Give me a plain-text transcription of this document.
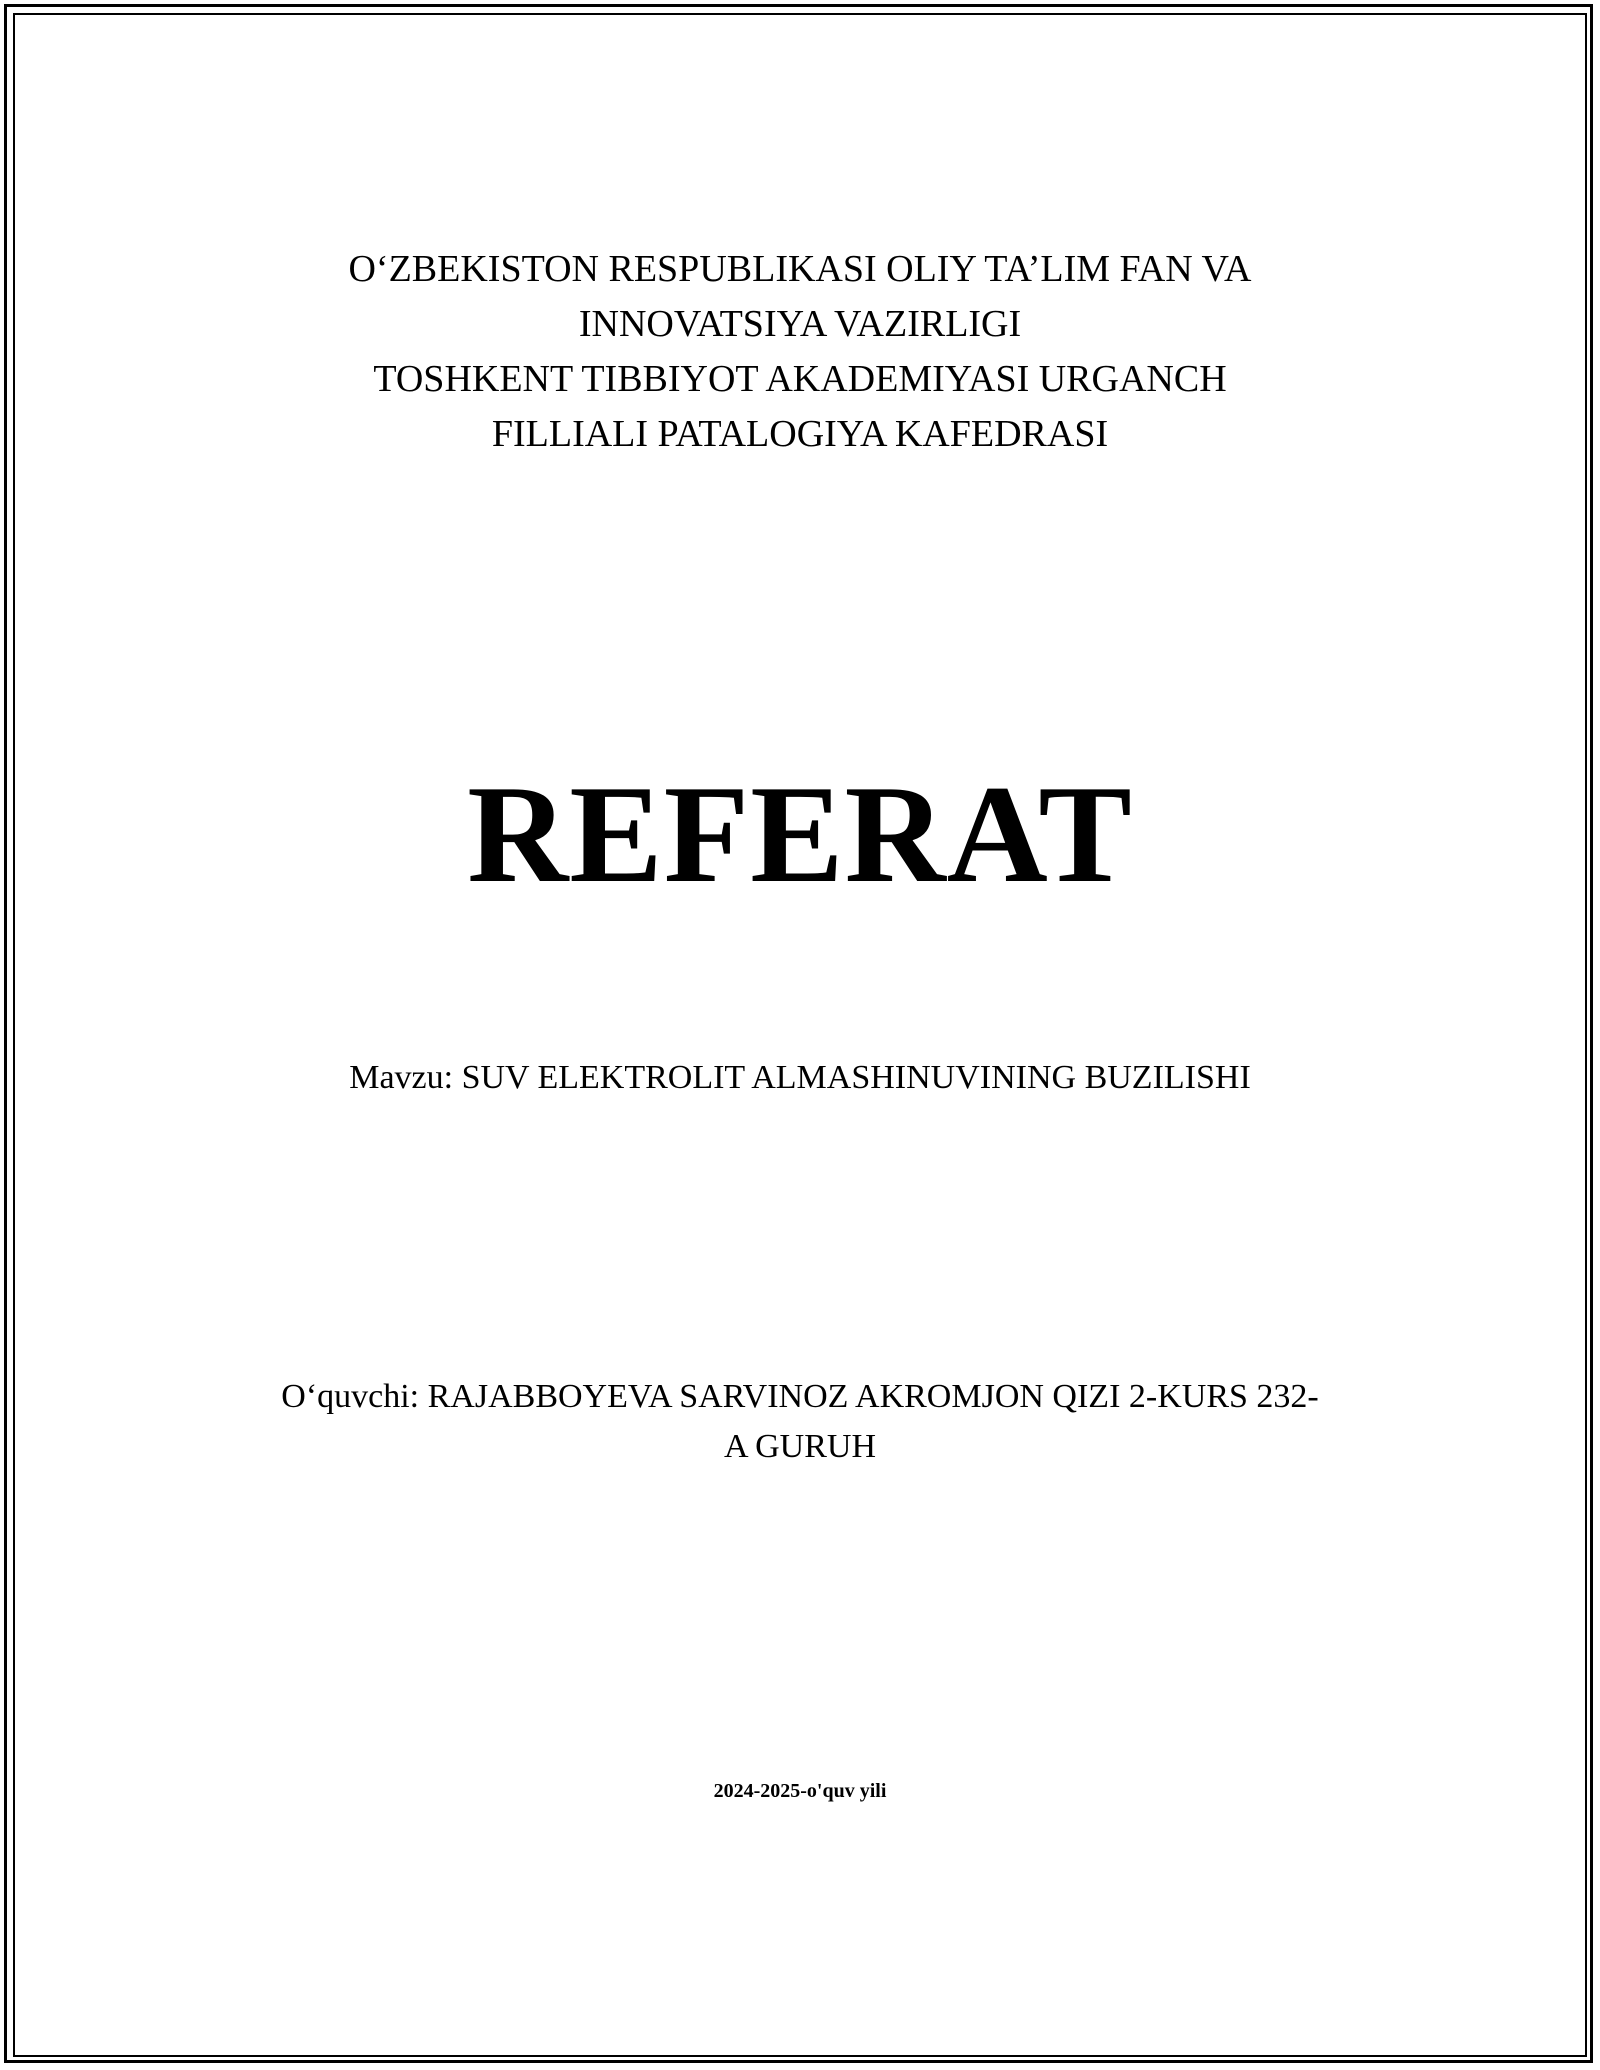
O‘ZBEKISTON RESPUBLIKASI OLIY TA’LIM FAN VA
INNOVATSIYA VAZIRLIGI
TOSHKENT TIBBIYOT AKADEMIYASI URGANCH
FILLIALI PATALOGIYA KAFEDRASI
REFERAT
Mavzu: SUV ELEKTROLIT ALMASHINUVINING BUZILISHI
O‘quvchi: RAJABBOYEVA SARVINOZ AKROMJON QIZI 2-KURS 232-
A GURUH
2024-2025-o'quv yili
